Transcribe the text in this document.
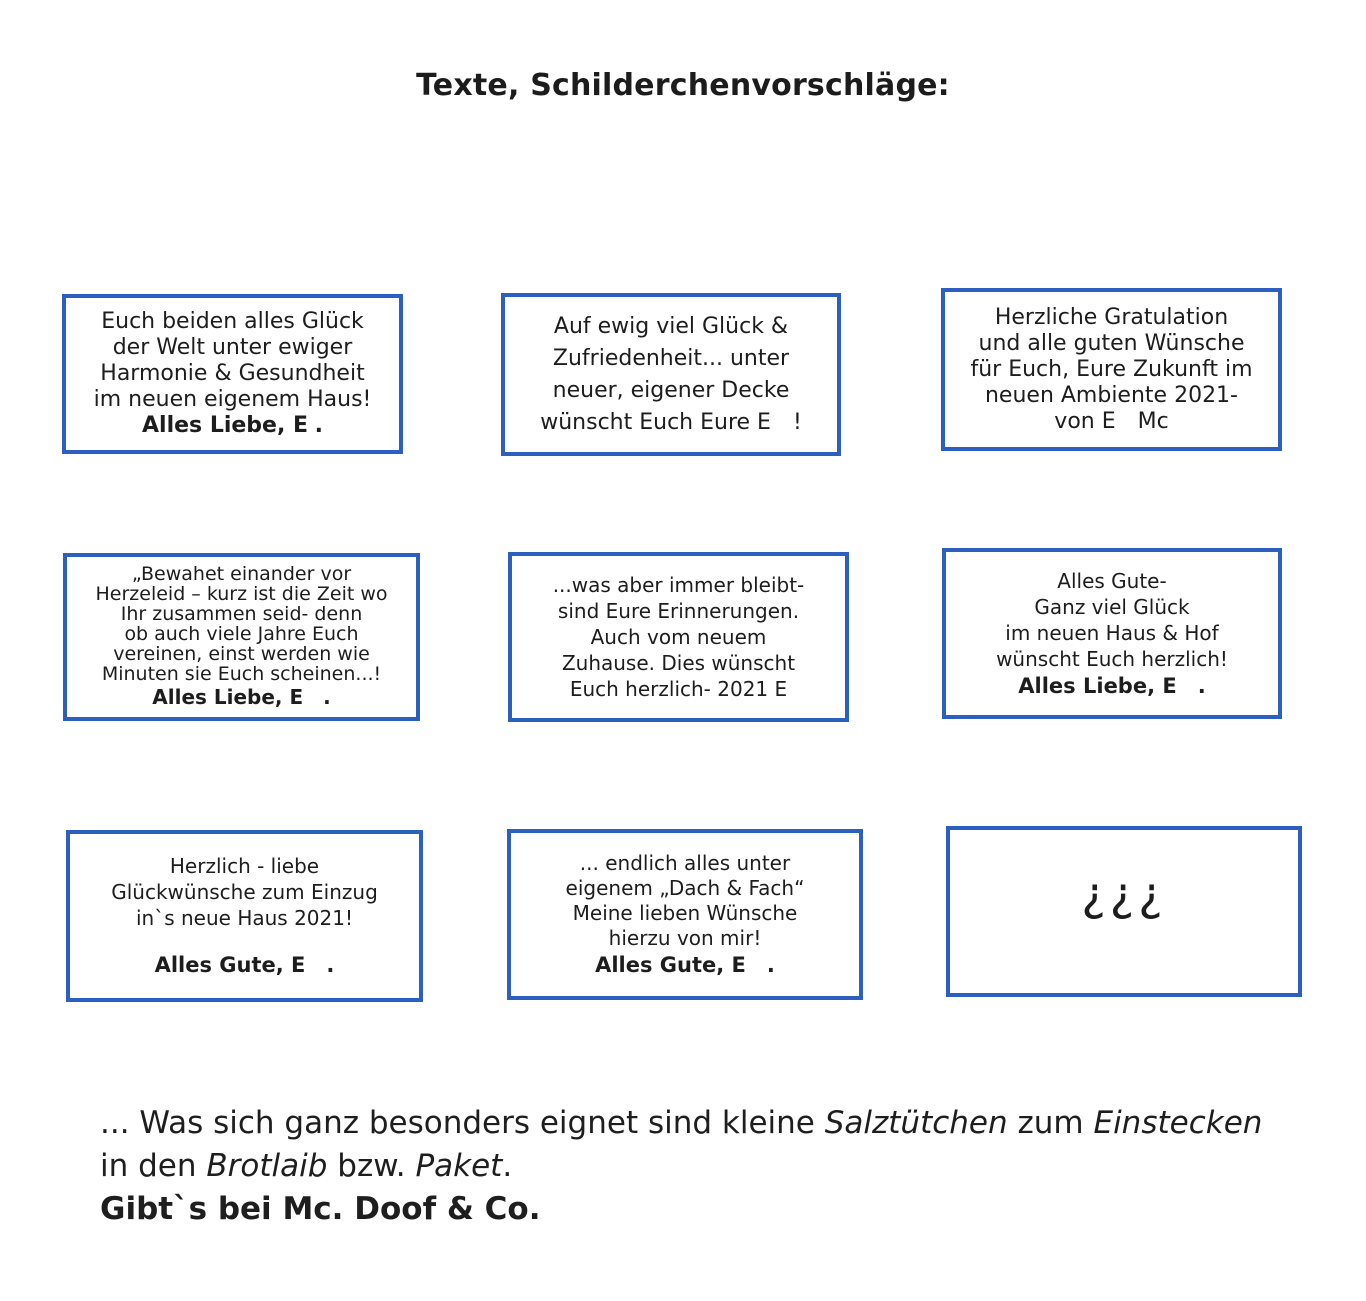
Texte, Schilderchenvorschläge:
Euch beiden alles Glück
der Welt unter ewiger
Harmonie & Gesundheit
im neuen eigenem Haus!
Alles Liebe, E   .
Auf ewig viel Glück &
Zufriedenheit... unter
neuer, eigener Decke
wünscht Euch Eure E  !
Herzliche Gratulation
und alle guten Wünsche
für Euch, Eure Zukunft im
neuen Ambiente 2021-
von E  Mc
„Bewahet einander vor
Herzeleid – kurz ist die Zeit wo
Ihr zusammen seid- denn
ob auch viele Jahre Euch
vereinen, einst werden wie
Minuten sie Euch scheinen...!
Alles Liebe, E  .
...was aber immer bleibt-
sind Eure Erinnerungen.
Auch vom neuem
Zuhause. Dies wünscht
Euch herzlich- 2021 E
Alles Gute-
Ganz viel Glück
im neuen Haus & Hof
wünscht Euch herzlich!
Alles Liebe, E  .
Herzlich - liebe
Glückwünsche zum Einzug
in`s neue Haus 2021!
Alles Gute, E  .
... endlich alles unter
eigenem „Dach & Fach“
Meine lieben Wünsche
hierzu von mir!
Alles Gute, E  .
¿¿¿
... Was sich ganz besonders eignet sind kleine Salztütchen zum Einstecken
in den Brotlaib bzw. Paket.
Gibt`s bei Mc. Doof & Co.
